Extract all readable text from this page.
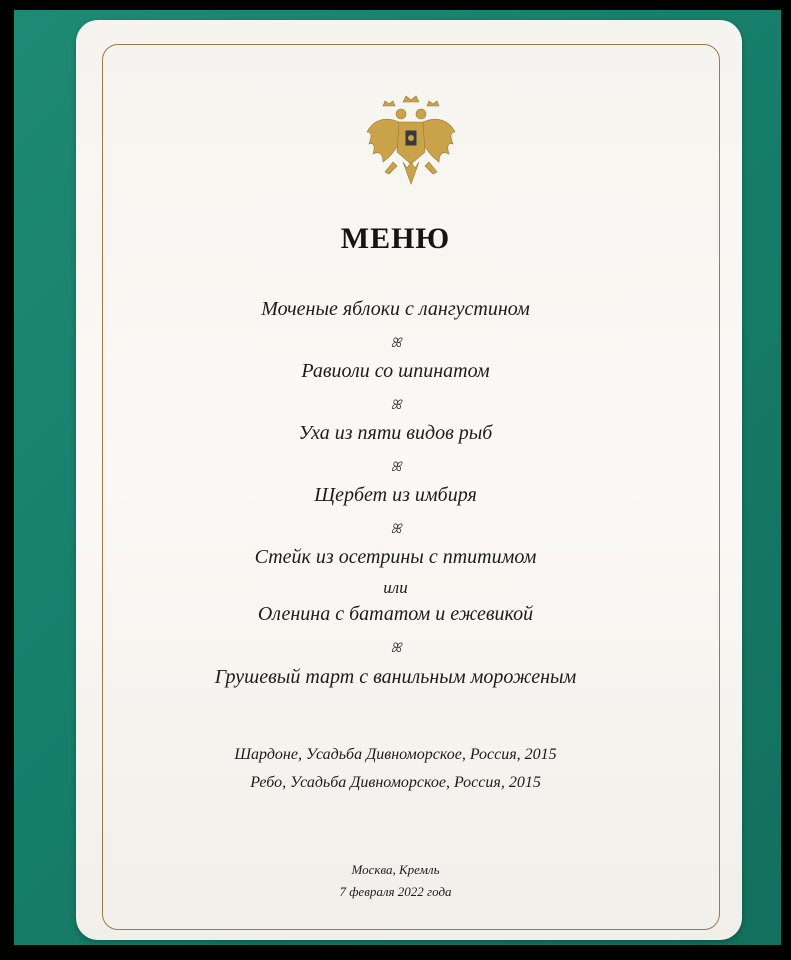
МЕНЮ
Моченые яблоки с лангустином
ꕤ
Равиоли со шпинатом
ꕤ
Уха из пяти видов рыб
ꕤ
Щербет из имбиря
ꕤ
Стейк из осетрины с птитимом
или
Оленина с бататом и ежевикой
ꕤ
Грушевый тарт с ванильным мороженым
Шардоне, Усадьба Дивноморское, Россия, 2015
Ребо, Усадьба Дивноморское, Россия, 2015
Москва, Кремль
7 февраля 2022 года
